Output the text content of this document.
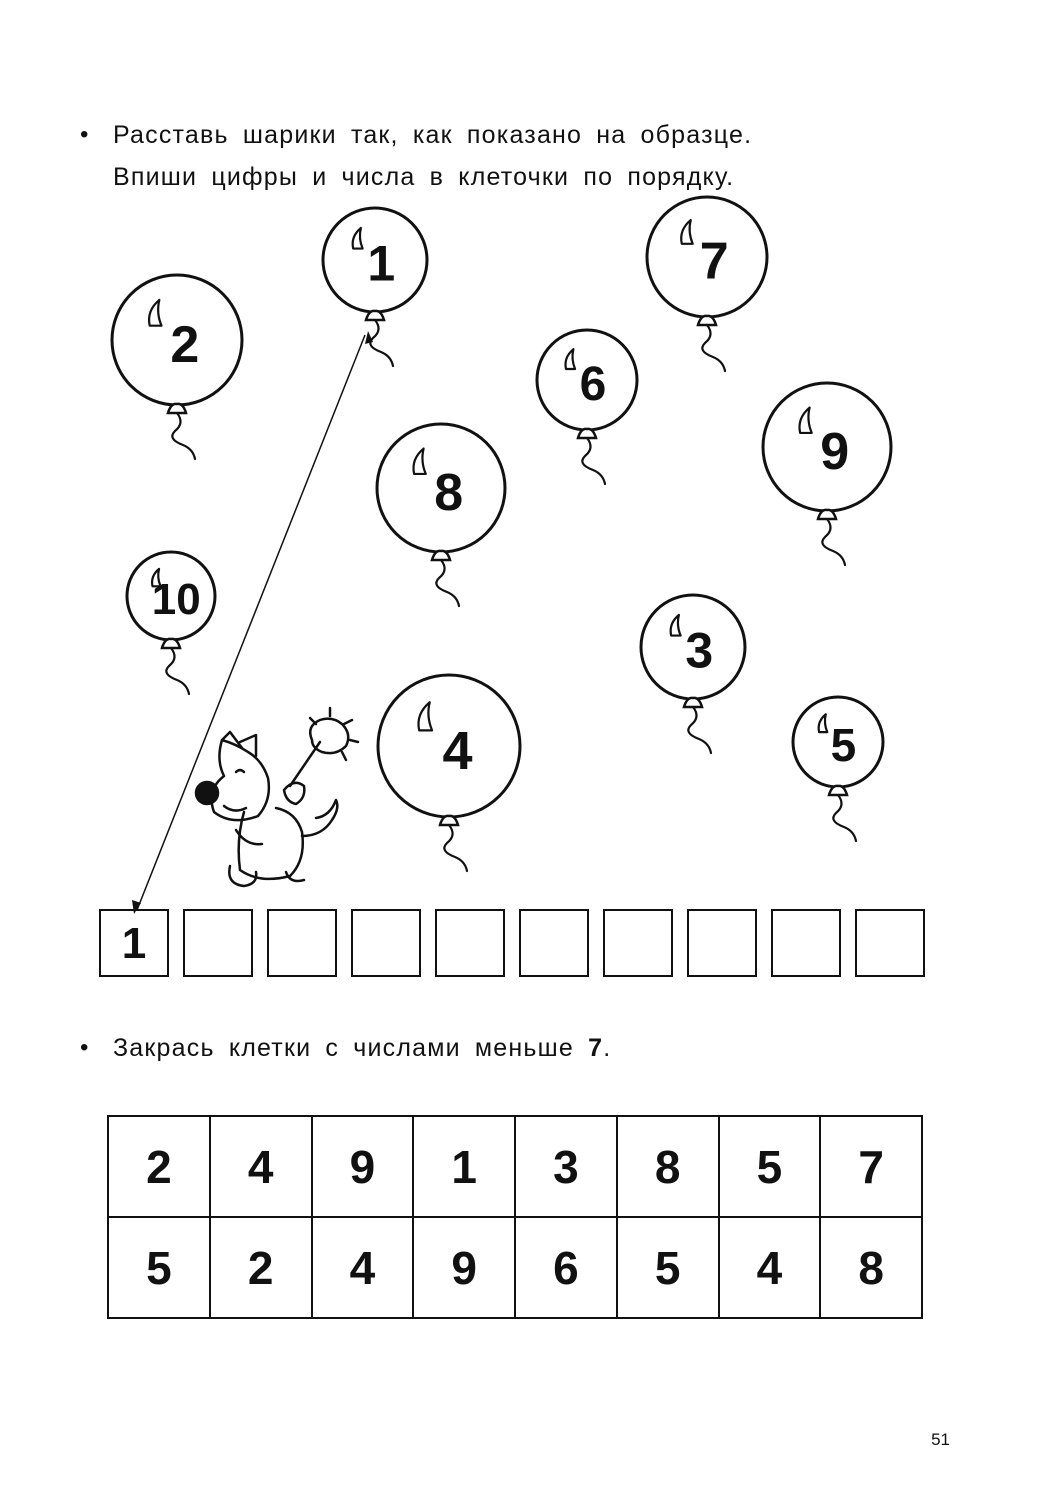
• Расставь шарики так, как показано на образце.
Впиши цифры и числа в клеточки по порядку.
1
2
7
6
8
9
10
3
4	5
1
• Закрась клетки с числами меньше 7.
2	4	9	1	3	8	5	7
5	2	4	9	6	5	4	8
51
